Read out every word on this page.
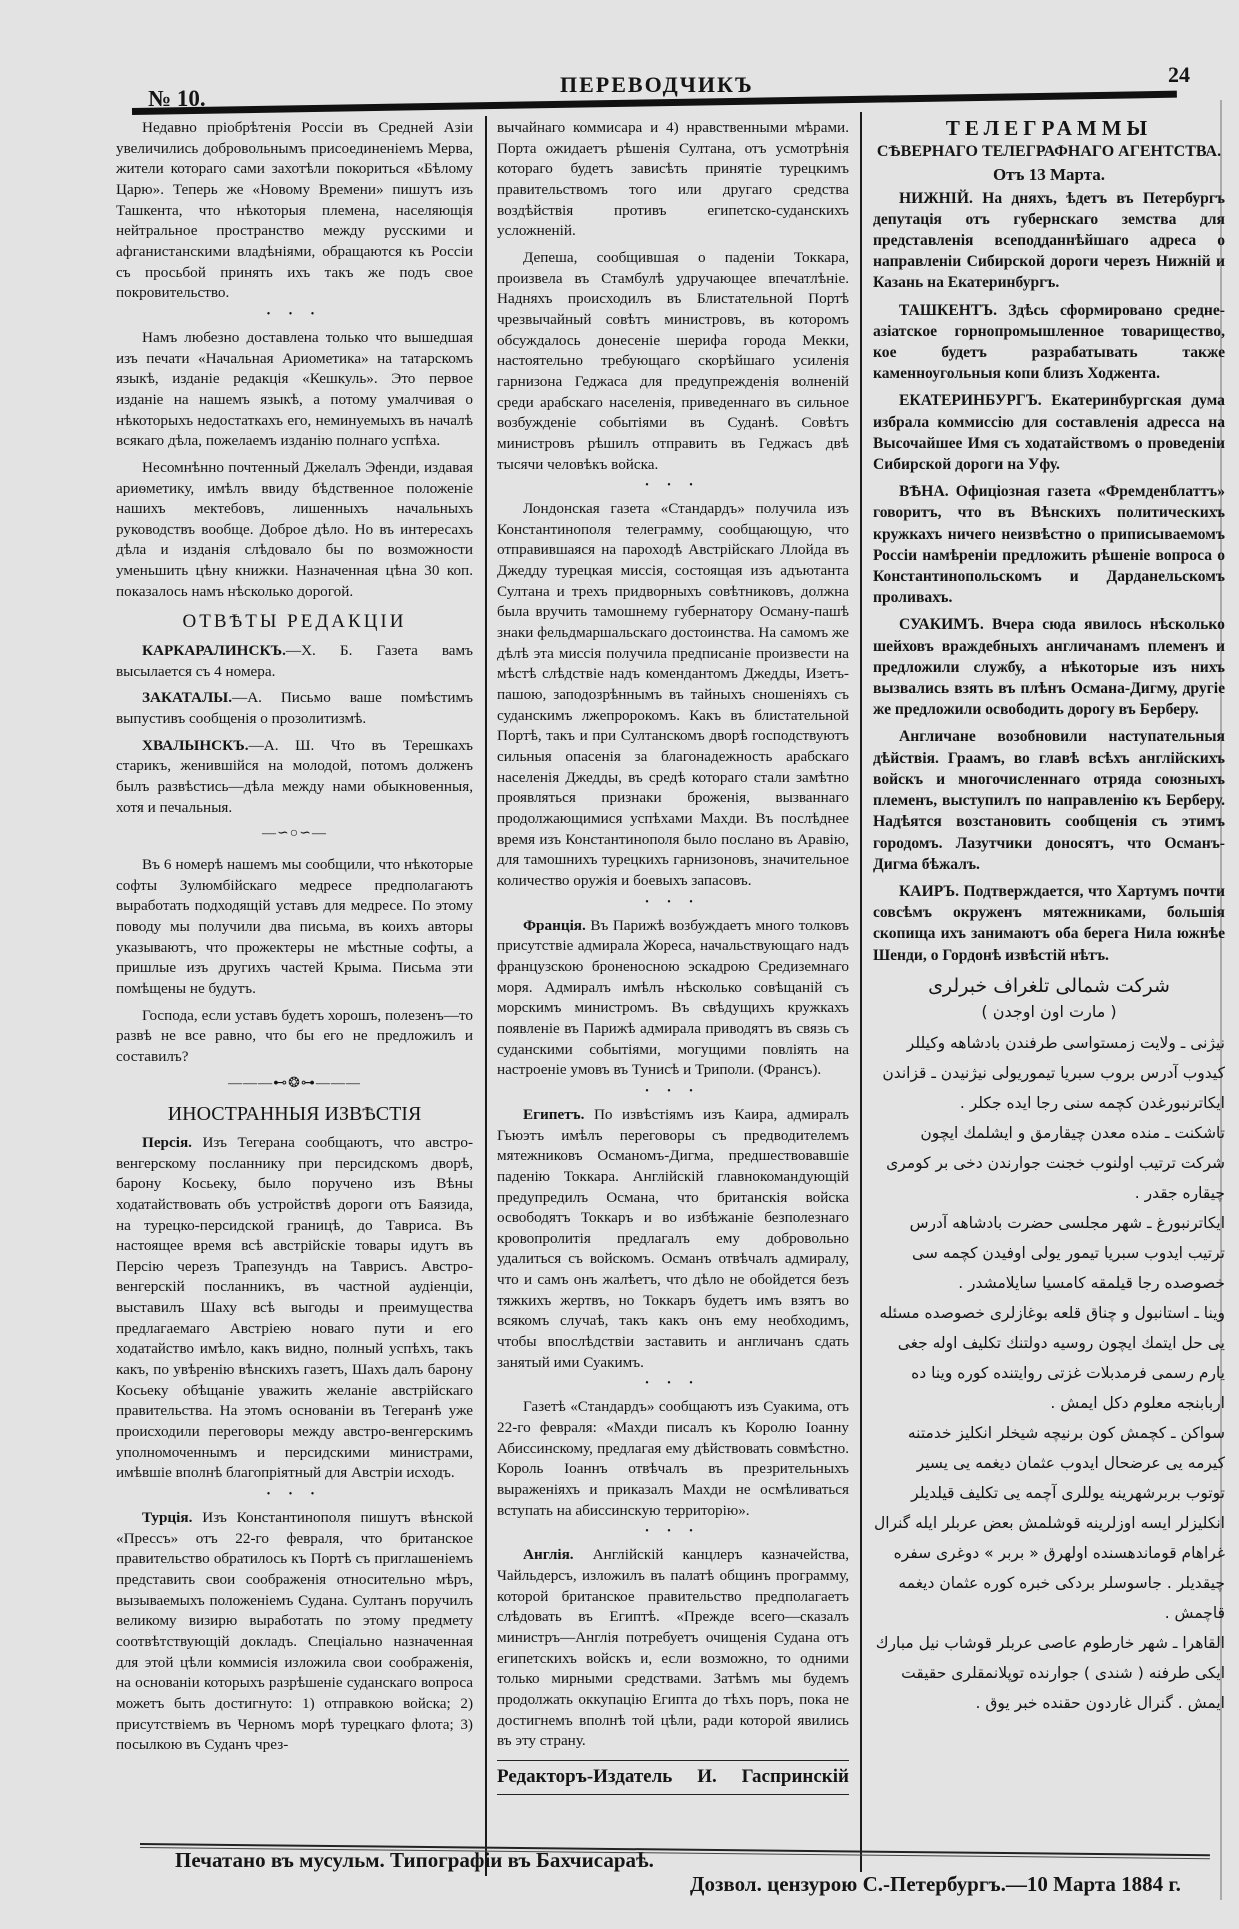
№ 10.
ПЕРЕВОДЧИКЪ	24

Недавно пріобрѣтенія Россіи въ Средней Азіи увеличились добровольнымъ присоединеніемъ Мерва, жители котораго сами захотѣли покориться «Бѣлому Царю». Теперь же «Новому Времени» пишутъ изъ Ташкента, что нѣкоторыя племена, населяющія нейтральное пространство между русскими и афганистанскими владѣніями, обращаются къ Россіи съ просьбой принять ихъ такъ же подъ свое покровительство.

• • •

Намъ любезно доставлена только что вышедшая изъ печати «Начальная Ариометика» на татарскомъ языкѣ, изданіе редакція «Кешкуль». Это первое изданіе на нашемъ языкѣ, а потому умалчивая о нѣкоторыхъ недостаткахъ его, неминуемыхъ въ началѣ всякаго дѣла, пожелаемъ изданію полнаго успѣха.

Несомнѣнно почтенный Джелалъ Эфенди, издавая ариѳметику, имѣлъ ввиду бѣдственное положеніе нашихъ мектебовъ, лишенныхъ начальныхъ руководствъ вообще. Доброе дѣло. Но въ интересахъ дѣла и изданія слѣдовало бы по возможности уменьшить цѣну книжки. Назначенная цѣна 30 коп. показалось намъ нѣсколько дорогой.

ОТВѢТЫ РЕДАКЦІИ

КАРКАРАЛИНСКЪ.—Х. Б. Газета вамъ высылается съ 4 номера.

ЗАКАТАЛЫ.—А. Письмо ваше помѣстимъ выпустивъ сообщенія о прозолитизмѣ.

ХВАЛЫНСКЪ.—А. Ш. Что въ Терешкахъ старикъ, женившійся на молодой, потомъ долженъ былъ развѣстись—дѣла между нами обыкновенныя, хотя и печальныя.

—∽○∽—

Въ 6 номерѣ нашемъ мы сообщили, что нѣкоторые софты Зулюмбійскаго медресе предполагаютъ выработать подходящій уставъ для медресе. По этому поводу мы получили два письма, въ коихъ авторы указываютъ, что прожектеры не мѣстные софты, а пришлые изъ другихъ частей Крыма. Письма эти помѣщены не будутъ.

Господа, если уставъ будетъ хорошъ, полезенъ—то развѣ не все равно, что бы его не предложилъ и составилъ?

———⊷❂⊶———
ИНОСТРАННЫЯ ИЗВѢСТІЯ

Персія. Изъ Тегерана сообщаютъ, что австро-венгерскому посланнику при персидскомъ дворѣ, барону Косьеку, было поручено изъ Вѣны ходатайствовать объ устройствѣ дороги отъ Баязида, на турецко-персидской границѣ, до Тавриса. Въ настоящее время всѣ австрійскіе товары идутъ въ Персію черезъ Трапезундъ на Таврисъ. Австро-венгерскій посланникъ, въ частной аудіенціи, выставилъ Шаху всѣ выгоды и преимущества предлагаемаго Австріею новаго пути и его ходатайство имѣло, какъ видно, полный успѣхъ, такъ какъ, по увѣренію вѣнскихъ газетъ, Шахъ далъ барону Косьеку обѣщаніе уважить желаніе австрійскаго правительства. На этомъ основаніи въ Тегеранѣ уже происходили переговоры между австро-венгерскимъ уполномоченнымъ и персидскими министрами, имѣвшіе вполнѣ благопріятный для Австріи исходъ.

• • •

Турція. Изъ Константинополя пишутъ вѣнской «Прессъ» отъ 22-го февраля, что британское правительство обратилось къ Портѣ съ приглашеніемъ представить свои соображенія относительно мѣръ, вызываемыхъ положеніемъ Судана. Султанъ поручилъ великому визирю выработать по этому предмету соотвѣтствующій докладъ. Спеціально назначенная для этой цѣли коммисія изложила свои соображенія, на основаніи которыхъ разрѣшеніе суданскаго вопроса можетъ быть достигнуто: 1) отправкою войска; 2) присутствіемъ въ Черномъ морѣ турецкаго флота; 3) посылкою въ Суданъ чрез-

вычайнаго коммисара и 4) нравственными мѣрами. Порта ожидаетъ рѣшенія Султана, отъ усмотрѣнія котораго будетъ зависѣть принятіе турецкимъ правительствомъ того или другаго средства воздѣйствія противъ египетско-суданскихъ усложненій.

Депеша, сообщившая о паденіи Токкара, произвела въ Стамбулѣ удручающее впечатлѣніе. Надняхъ происходилъ въ Блистательной Портѣ чрезвычайный совѣтъ министровъ, въ которомъ обсуждалось донесеніе шерифа города Мекки, настоятельно требующаго скорѣйшаго усиленія гарнизона Геджаса для предупрежденія волненій среди арабскаго населенія, приведеннаго въ сильное возбужденіе событіями въ Суданѣ. Совѣтъ министровъ рѣшилъ отправить въ Геджасъ двѣ тысячи человѣкъ войска.

• • •

Лондонская газета «Стандардъ» получила изъ Константинополя телеграмму, сообщающую, что отправившаяся на пароходѣ Австрійскаго Ллойда въ Джедду турецкая миссія, состоящая изъ адъютанта Султана и трехъ придворныхъ совѣтниковъ, должна была вручить тамошнему губернатору Осману-пашѣ знаки фельдмаршальскаго достоинства. На самомъ же дѣлѣ эта миссія получила предписаніе произвести на мѣстѣ слѣдствіе надъ комендантомъ Джедды, Изетъ-пашою, заподозрѣннымъ въ тайныхъ сношеніяхъ съ суданскимъ лжепророкомъ. Какъ въ блистательной Портѣ, такъ и при Султанскомъ дворѣ господствуютъ сильныя опасенія за благонадежность арабскаго населенія Джедды, въ средѣ котораго стали замѣтно проявляться признаки броженія, вызваннаго продолжающимися успѣхами Махди. Въ послѣднее время изъ Константинополя было послано въ Аравію, для тамошнихъ турецкихъ гарнизоновъ, значительное количество оружія и боевыхъ запасовъ.

• • •

Франція. Въ Парижѣ возбуждаетъ много толковъ присутствіе адмирала Жореса, начальствующаго надъ французскою броненосною эскадрою Средиземнаго моря. Адмиралъ имѣлъ нѣсколько совѣщаній съ морскимъ министромъ. Въ свѣдущихъ кружкахъ появленіе въ Парижѣ адмирала приводятъ въ связь съ суданскими событіями, могущими повліять на настроеніе умовъ въ Тунисѣ и Триполи. (Франсъ).

• • •

Египетъ. По извѣстіямъ изъ Каира, адмиралъ Гьюэтъ имѣлъ переговоры съ предводителемъ мятежниковъ Османомъ-Дигма, предшествовавшіе паденію Токкара. Англійскій главнокомандующій предупредилъ Османа, что британскія войска освободятъ Токкаръ и во избѣжаніе безполезнаго кровопролитія предлагалъ ему добровольно удалиться съ войскомъ. Османъ отвѣчалъ адмиралу, что и самъ онъ жалѣетъ, что дѣло не обойдется безъ тяжкихъ жертвъ, но Токкаръ будетъ имъ взятъ во всякомъ случаѣ, такъ какъ онъ ему необходимъ, чтобы впослѣдствіи заставить и англичанъ сдать занятый ими Суакимъ.

• • •

Газетѣ «Стандардъ» сообщаютъ изъ Суакима, отъ 22-го февраля: «Махди писалъ къ Королю Іоанну Абиссинскому, предлагая ему дѣйствовать совмѣстно. Король Іоаннъ отвѣчалъ въ презрительныхъ выраженіяхъ и приказалъ Махди не осмѣливаться вступать на абиссинскую территорію».

• • •

Англія. Англійскій канцлеръ казначейства, Чайльдерсъ, изложилъ въ палатѣ общинъ программу, которой британское правительство предполагаетъ слѣдовать въ Египтѣ. «Прежде всего—сказалъ министръ—Англія потребуетъ очищенія Судана отъ египетскихъ войскъ и, если возможно, то одними только мирными средствами. Затѣмъ мы будемъ продолжать оккупацію Египта до тѣхъ поръ, пока не достигнемъ вполнѣ той цѣли, ради которой явились въ эту страну.

Редакторъ-Издатель И. Гаспринскій
ТЕЛЕГРАММЫ
СѢВЕРНАГО ТЕЛЕГРАФНАГО АГЕНТСТВА.
Отъ 13 Марта.

НИЖНІЙ. На дняхъ, ѣдетъ въ Петербургъ депутація отъ губернскаго земства для представленія всеподданнѣйшаго адреса о направленіи Сибирской дороги черезъ Нижній и Казань на Екатеринбургъ.

ТАШКЕНТЪ. Здѣсь сформировано средне-азіатское горнопромышленное товарищество, кое будетъ разрабатывать также каменноугольныя копи близъ Ходжента.

ЕКАТЕРИНБУРГЪ. Екатеринбургская дума избрала коммиссію для составленія адресса на Высочайшее Имя съ ходатайствомъ о проведеніи Сибирской дороги на Уфу.

ВѢНА. Офиціозная газета «Фремденблаттъ» говоритъ, что въ Вѣнскихъ политическихъ кружкахъ ничего неизвѣстно о приписываемомъ Россіи намѣреніи предложить рѣшеніе вопроса о Константинопольскомъ и Дарданельскомъ проливахъ.

СУАКИМЪ. Вчера сюда явилось нѣсколько шейховъ враждебныхъ англичанамъ племенъ и предложили службу, а нѣкоторые изъ нихъ вызвались взять въ плѣнъ Османа-Дигму, другіе же предложили освободить дорогу въ Берберу.

Англичане возобновили наступательныя дѣйствія. Граамъ, во главѣ всѣхъ англійскихъ войскъ и многочисленнаго отряда союзныхъ племенъ, выступилъ по направленію къ Берберу. Надѣятся возстановить сообщенія съ этимъ городомъ. Лазутчики доносятъ, что Османъ-Дигма бѣжалъ.

КАИРЪ. Подтверждается, что Хартумъ почти совсѣмъ окруженъ мятежниками, большія скопища ихъ занимаютъ оба берега Нила южнѣе Шенди, о Гордонѣ извѣстій нѣтъ.

شركت شمالى تلغراف خبرلرى
( مارت اون اوجدن )

نيژنى ـ ولايت زمستواسى طرفندن بادشاهه وكيللر كيدوب آدرس بروب سبريا تيموريولى نيژنيدن ـ قزاندن ايكاترنبورغدن كچمه سنى رجا ايده جكلر .

تاشكنت ـ منده معدن چيقارمق و ايشلمك ايچون شركت ترتيب اولنوب خجنت جوارندن دخى بر كومرى چيقاره جقدر .

ايكاترنبورغ ـ شهر مجلسى حضرت بادشاهه آدرس ترتيب ايدوب سبريا تيمور يولى اوفيدن كچمه سى خصوصده رجا قيلمقه كامسيا سايلامشدر .

وينا ـ استانبول و چناق قلعه بوغازلرى خصوصده مسئله يى حل ايتمك ايچون روسيه دولتنك تكليف اوله جغى يارم رسمى فرمدبلات غزتى روايتنده كوره وينا ده اربابنجه معلوم دكل ايمش .

سواكن ـ كچمش كون برنيچه شيخلر انكليز خدمتنه كيرمه يى عرضحال ايدوب عثمان ديغمه يى يسير توتوب بربرشهرينه يوللرى آچمه يى تكليف قيلديلر انكليزلر ايسه اوزلرينه قوشلمش بعض عربلر ايله گنرال غراهام قوماندهسنده اولهرق « بربر » دوغرى سفره چيقديلر . جاسوسلر بردكى خبره كوره عثمان ديغمه قاچمش .

القاهرا ـ شهر خارطوم عاصى عربلر قوشاب نيل مبارك ايكى طرفنه ( شندى ) جوارنده توپلانمقلرى حقيقت ايمش . گنرال غاردون حقنده خبر يوق .

Печатано въ мусульм. Типографіи въ Бахчисараѣ.
Дозвол. цензурою С.-Петербургъ.—10 Марта 1884 г.
